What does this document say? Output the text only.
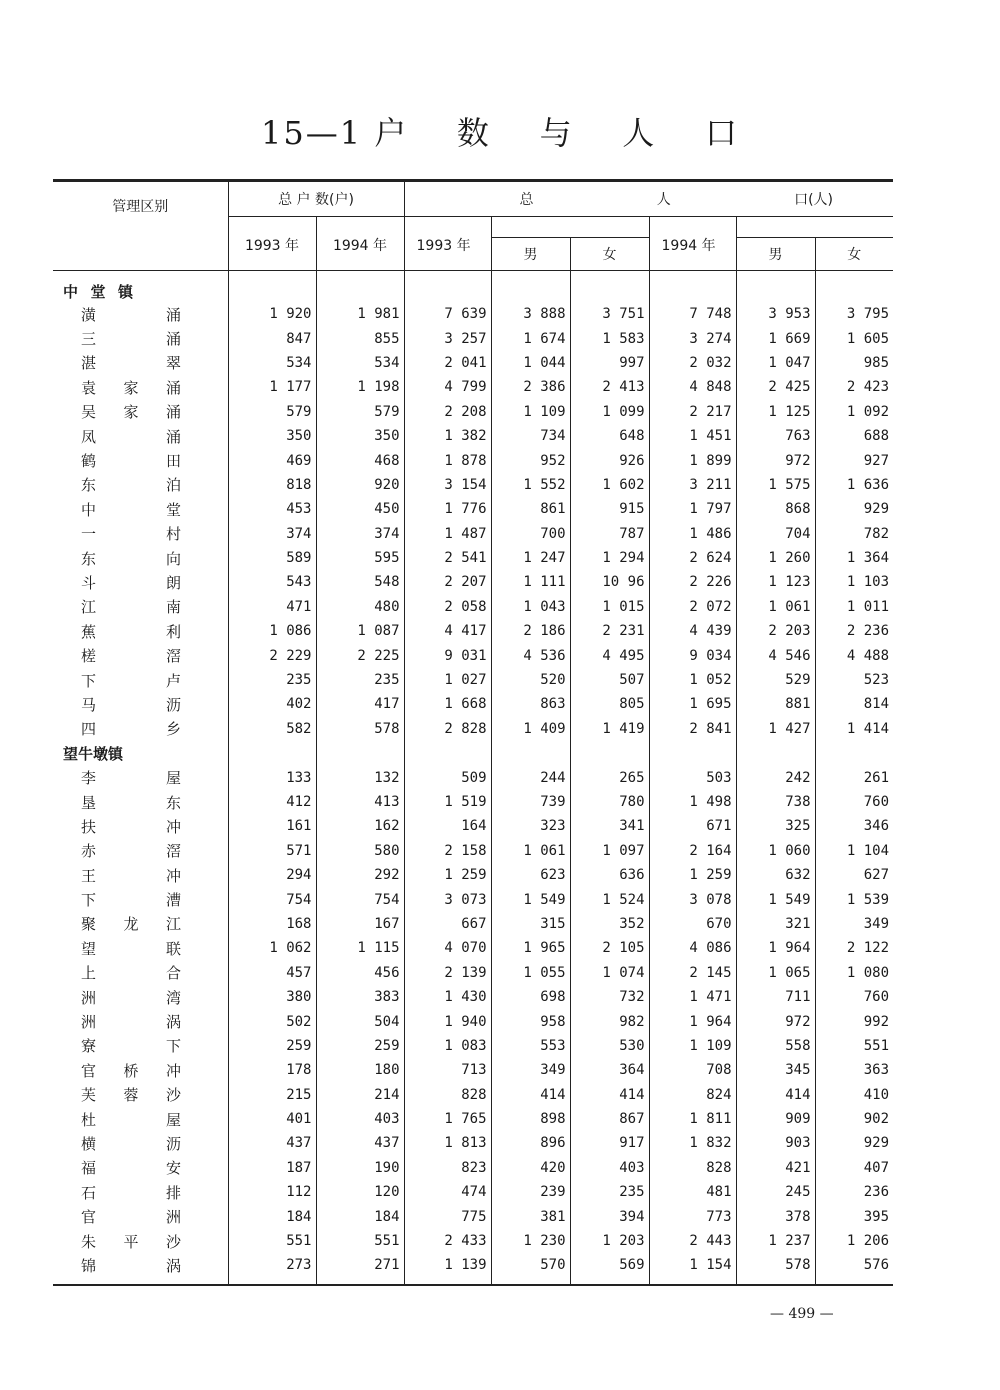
15—1 户    数    与    人    口
管理区别	总 户 数(户)		总 人 口(人)					

	1993 年	1994 年	1993 年			1994 年		
				男	女		男	女

中 堂 镇								

潢 涌	1 920	1 981	7 639	3 888	3 751	7 748	3 953	3 795

三 涌	847	855	3 257	1 674	1 583	3 274	1 669	1 605

湛 翠	534	534	2 041	1 044	997	2 032	1 047	985

袁 家 涌	1 177	1 198	4 799	2 386	2 413	4 848	2 425	2 423

吴 家 涌	579	579	2 208	1 109	1 099	2 217	1 125	1 092

凤 涌	350	350	1 382	734	648	1 451	763	688

鹤 田	469	468	1 878	952	926	1 899	972	927

东 泊	818	920	3 154	1 552	1 602	3 211	1 575	1 636

中 堂	453	450	1 776	861	915	1 797	868	929

一 村	374	374	1 487	700	787	1 486	704	782

东 向	589	595	2 541	1 247	1 294	2 624	1 260	1 364

斗 朗	543	548	2 207	1 111	10 96	2 226	1 123	1 103

江 南	471	480	2 058	1 043	1 015	2 072	1 061	1 011

蕉 利	1 086	1 087	4 417	2 186	2 231	4 439	2 203	2 236

槎 滘	2 229	2 225	9 031	4 536	4 495	9 034	4 546	4 488

下 卢	235	235	1 027	520	507	1 052	529	523

马 沥	402	417	1 668	863	805	1 695	881	814

四 乡	582	578	2 828	1 409	1 419	2 841	1 427	1 414

望牛墩镇								

李 屋	133	132	509	244	265	503	242	261

垦 东	412	413	1 519	739	780	1 498	738	760

扶 冲	161	162	164	323	341	671	325	346

赤 滘	571	580	2 158	1 061	1 097	2 164	1 060	1 104

王 冲	294	292	1 259	623	636	1 259	632	627

下 漕	754	754	3 073	1 549	1 524	3 078	1 549	1 539

聚 龙 江	168	167	667	315	352	670	321	349

望 联	1 062	1 115	4 070	1 965	2 105	4 086	1 964	2 122

上 合	457	456	2 139	1 055	1 074	2 145	1 065	1 080

洲 湾	380	383	1 430	698	732	1 471	711	760

洲 涡	502	504	1 940	958	982	1 964	972	992

寮 下	259	259	1 083	553	530	1 109	558	551

官 桥 冲	178	180	713	349	364	708	345	363

芙 蓉 沙	215	214	828	414	414	824	414	410

杜 屋	401	403	1 765	898	867	1 811	909	902

横 沥	437	437	1 813	896	917	1 832	903	929

福 安	187	190	823	420	403	828	421	407

石 排	112	120	474	239	235	481	245	236

官 洲	184	184	775	381	394	773	378	395

朱 平 沙	551	551	2 433	1 230	1 203	2 443	1 237	1 206

锦 涡	273	271	1 139	570	569	1 154	578	576
— 499 —
